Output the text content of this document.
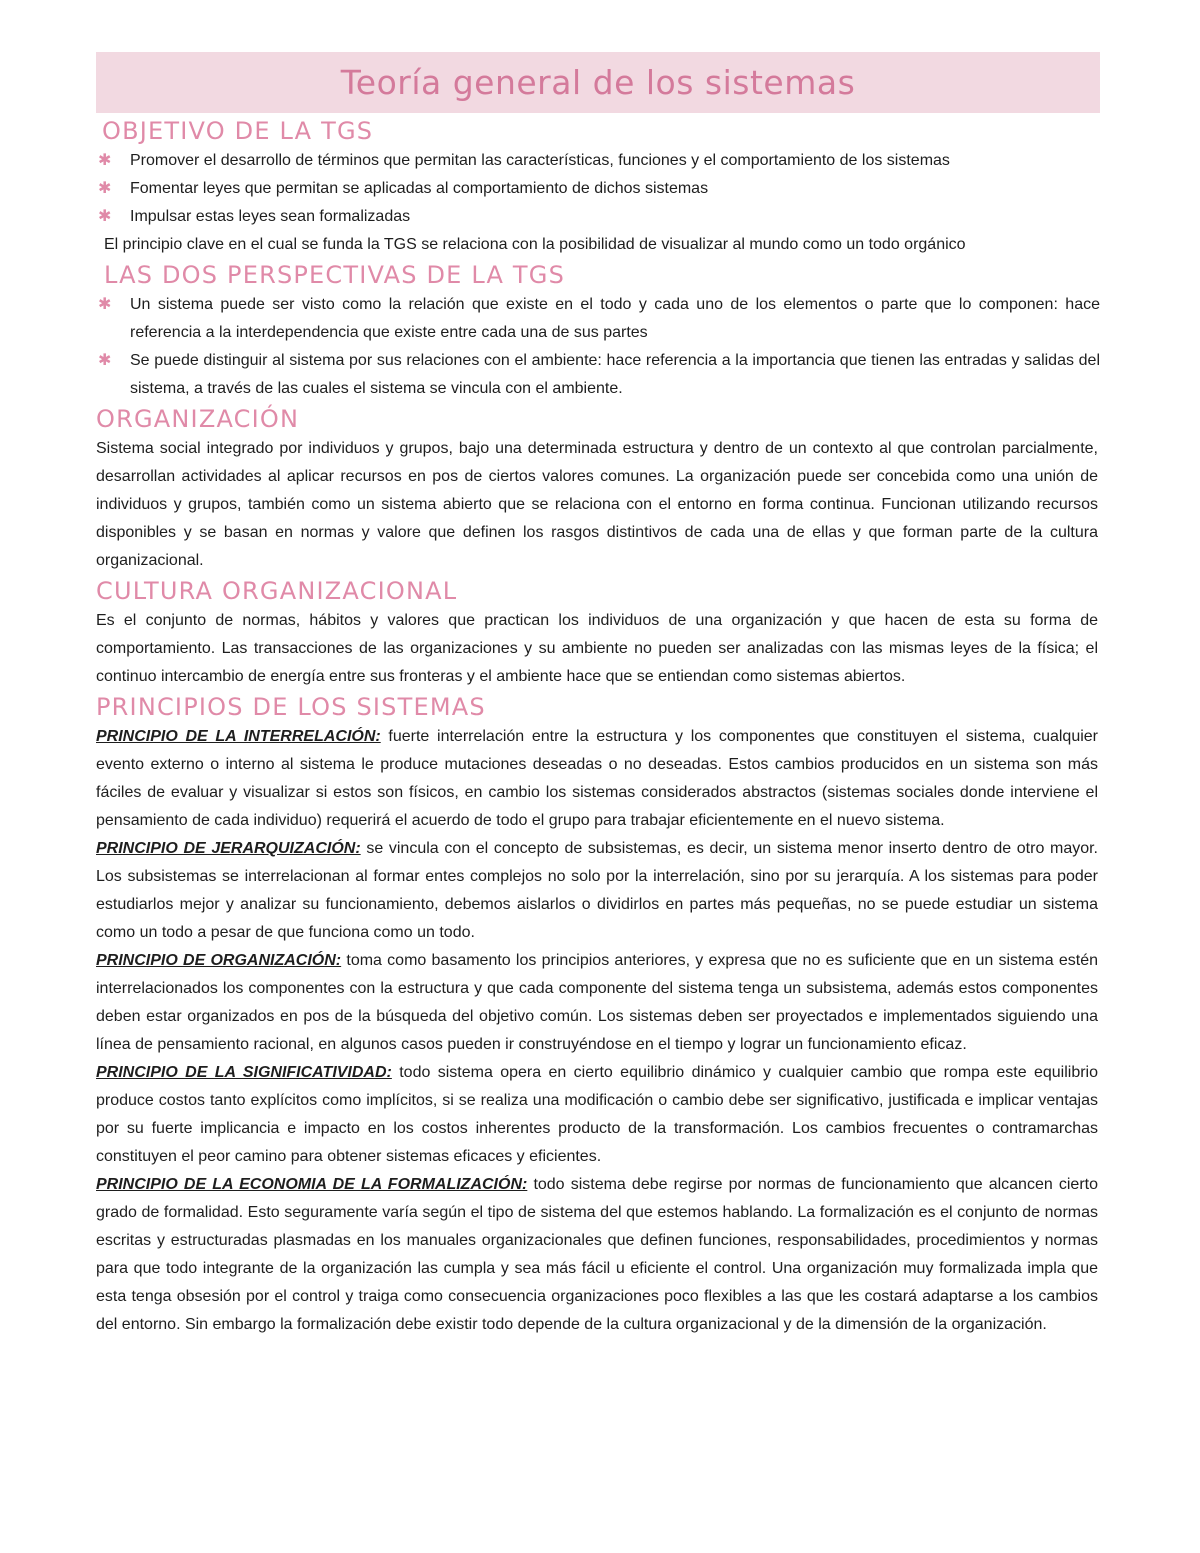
Teoría general de los sistemas
OBJETIVO DE LA TGS
✱ Promover el desarrollo de términos que permitan las características, funciones y el comportamiento de los sistemas
✱ Fomentar leyes que permitan se aplicadas al comportamiento de dichos sistemas
✱ Impulsar estas leyes sean formalizadas

El principio clave en el cual se funda la TGS se relaciona con la posibilidad de visualizar al mundo como un todo orgánico

LAS DOS PERSPECTIVAS DE LA TGS
✱ Un sistema puede ser visto como la relación que existe en el todo y cada uno de los elementos o parte que lo componen: hace referencia a la interdependencia que existe entre cada una de sus partes
✱ Se puede distinguir al sistema por sus relaciones con el ambiente: hace referencia a la importancia que tienen las entradas y salidas del sistema, a través de las cuales el sistema se vincula con el ambiente.
ORGANIZACIÓN

Sistema social integrado por individuos y grupos, bajo una determinada estructura y dentro de un contexto al que controlan parcialmente, desarrollan actividades al aplicar recursos en pos de ciertos valores comunes. La organización puede ser concebida como una unión de individuos y grupos, también como un sistema abierto que se relaciona con el entorno en forma continua. Funcionan utilizando recursos disponibles y se basan en normas y valore que definen los rasgos distintivos de cada una de ellas y que forman parte de la cultura organizacional.

CULTURA ORGANIZACIONAL

Es el conjunto de normas, hábitos y valores que practican los individuos de una organización y que hacen de esta su forma de comportamiento. Las transacciones de las organizaciones y su ambiente no pueden ser analizadas con las mismas leyes de la física; el continuo intercambio de energía entre sus fronteras y el ambiente hace que se entiendan como sistemas abiertos.

PRINCIPIOS DE LOS SISTEMAS

PRINCIPIO DE LA INTERRELACIÓN: fuerte interrelación entre la estructura y los componentes que constituyen el sistema, cualquier evento externo o interno al sistema le produce mutaciones deseadas o no deseadas. Estos cambios producidos en un sistema son más fáciles de evaluar y visualizar si estos son físicos, en cambio los sistemas considerados abstractos (sistemas sociales donde interviene el pensamiento de cada individuo) requerirá el acuerdo de todo el grupo para trabajar eficientemente en el nuevo sistema.

PRINCIPIO DE JERARQUIZACIÓN: se vincula con el concepto de subsistemas, es decir, un sistema menor inserto dentro de otro mayor. Los subsistemas se interrelacionan al formar entes complejos no solo por la interrelación, sino por su jerarquía. A los sistemas para poder estudiarlos mejor y analizar su funcionamiento, debemos aislarlos o dividirlos en partes más pequeñas, no se puede estudiar un sistema como un todo a pesar de que funciona como un todo.

PRINCIPIO DE ORGANIZACIÓN: toma como basamento los principios anteriores, y expresa que no es suficiente que en un sistema estén interrelacionados los componentes con la estructura y que cada componente del sistema tenga un subsistema, además estos componentes deben estar organizados en pos de la búsqueda del objetivo común. Los sistemas deben ser proyectados e implementados siguiendo una línea de pensamiento racional, en algunos casos pueden ir construyéndose en el tiempo y lograr un funcionamiento eficaz.

PRINCIPIO DE LA SIGNIFICATIVIDAD: todo sistema opera en cierto equilibrio dinámico y cualquier cambio que rompa este equilibrio produce costos tanto explícitos como implícitos, si se realiza una modificación o cambio debe ser significativo, justificada e implicar ventajas por su fuerte implicancia e impacto en los costos inherentes producto de la transformación. Los cambios frecuentes o contramarchas constituyen el peor camino para obtener sistemas eficaces y eficientes.

PRINCIPIO DE LA ECONOMIA DE LA FORMALIZACIÓN: todo sistema debe regirse por normas de funcionamiento que alcancen cierto grado de formalidad. Esto seguramente varía según el tipo de sistema del que estemos hablando. La formalización es el conjunto de normas escritas y estructuradas plasmadas en los manuales organizacionales que definen funciones, responsabilidades, procedimientos y normas para que todo integrante de la organización las cumpla y sea más fácil u eficiente el control. Una organización muy formalizada impla que esta tenga obsesión por el control y traiga como consecuencia organizaciones poco flexibles a las que les costará adaptarse a los cambios del entorno. Sin embargo la formalización debe existir todo depende de la cultura organizacional y de la dimensión de la organización.
